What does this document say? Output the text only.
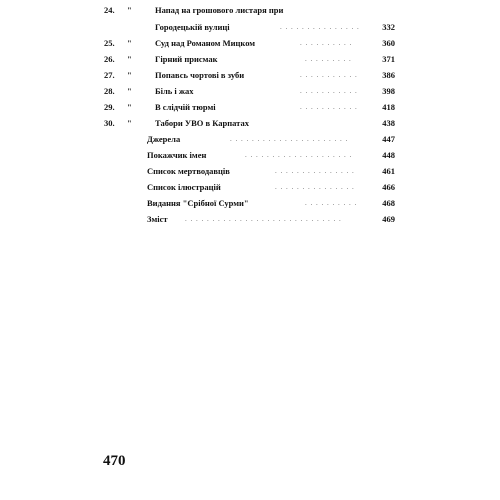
24. "	Напад на грошового листаря при
Городецькій вулиці	. . . . . . . . . . . . . . .	332
25. "	Суд над Романом Мицком	. . . . . . . . . .	360
26. "	Гірний присмак	. . . . . . . . .	371
27. "	Попавсь чортові в зуби	. . . . . . . . . . .	386
28. "	Біль і жах	. . . . . . . . . . .	398
29. "	В слідчій тюрмі	. . . . . . . . . . .	418
30. "	Табори УВО в Карпатах	438
Джерела	. . . . . . . . . . . . . . . . . . . . . .	447
Покажчик імен	. . . . . . . . . . . . . . . . . . . .	448
Список мертводавців	. . . . . . . . . . . . . . .	461
Список ілюстрацій	. . . . . . . . . . . . . . .	466
Видання "Срібної Сурми"	. . . . . . . . . .	468
Зміст . . . . . . . . . . . . . . . . . . . . . . . . . . . . .	469
470
